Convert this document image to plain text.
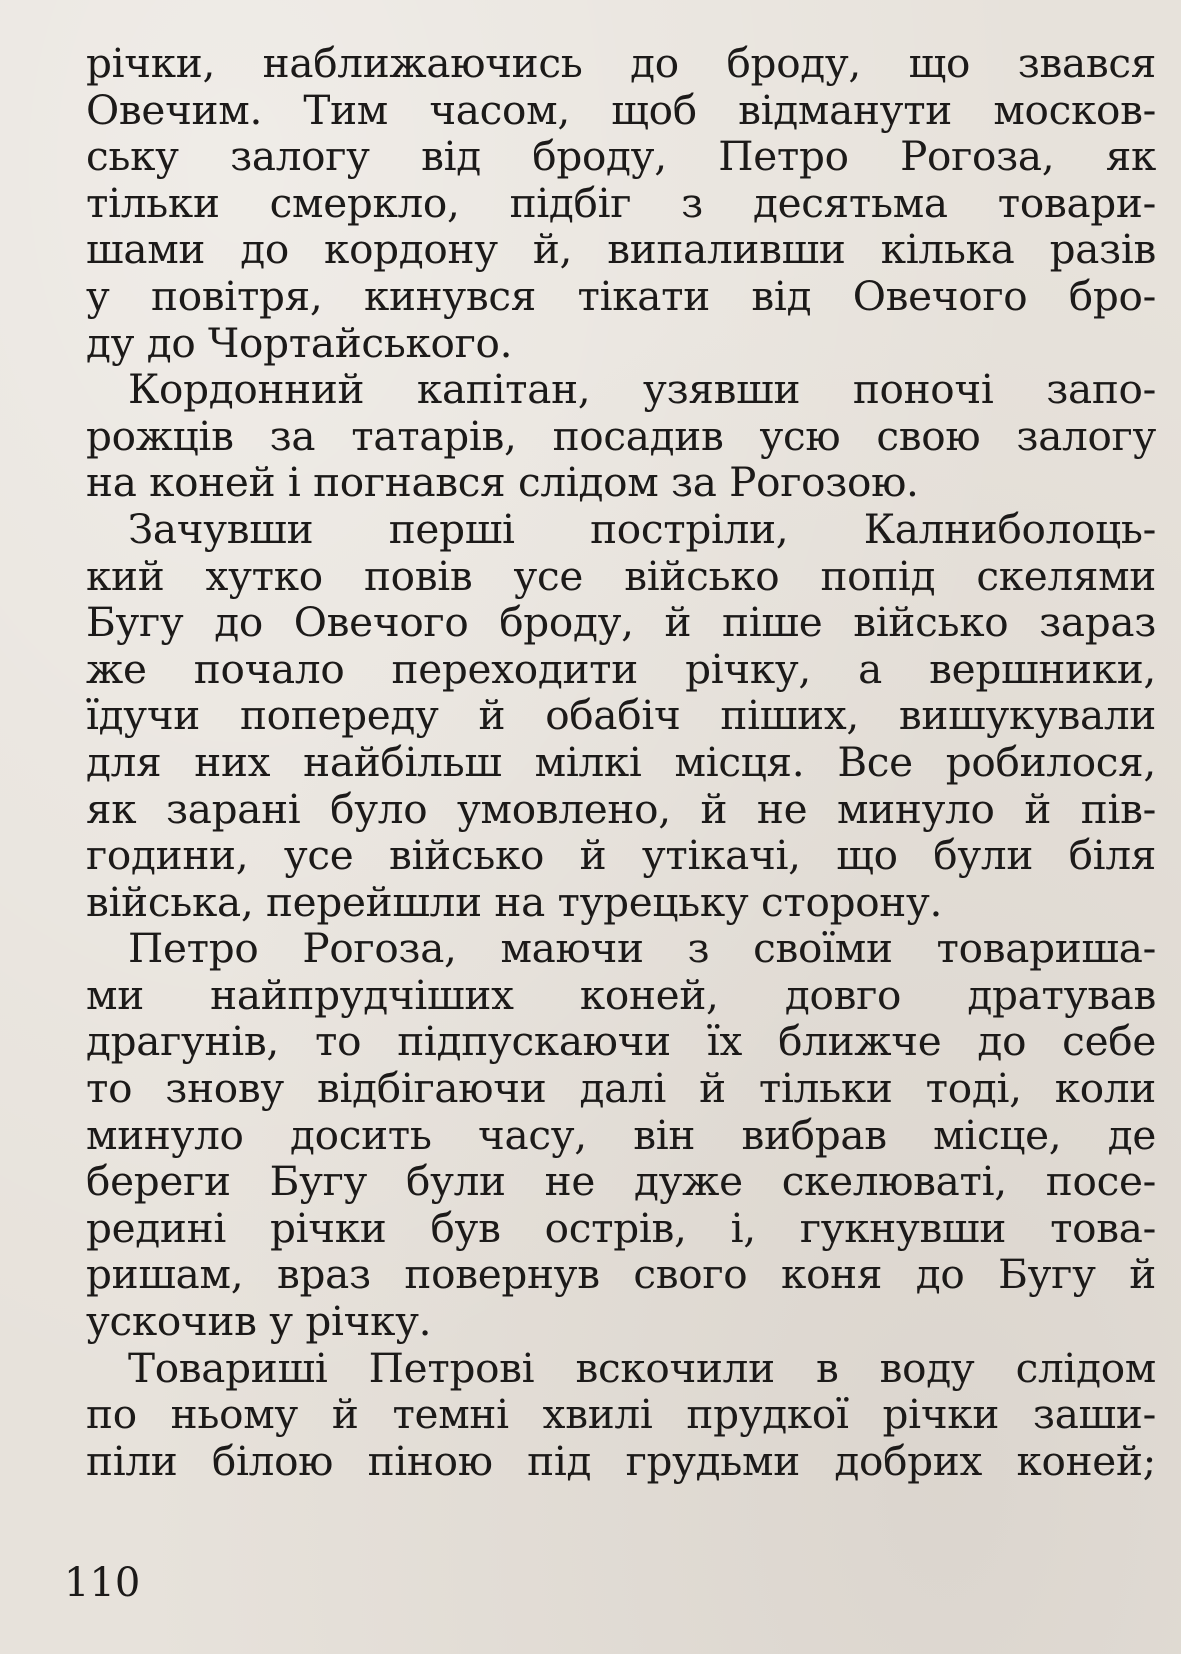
річки, наближаючись до броду, що звався
Овечим. Тим часом, щоб відманути москов-
ську залогу від броду, Петро Рогоза, як
тільки смеркло, підбіг з десятьма товари-
шами до кордону й, випаливши кілька разів
у повітря, кинувся тікати від Овечого бро-
ду до Чортайського.
Кордонний капітан, узявши поночі запо-
рожців за татарів, посадив усю свою залогу
на коней і погнався слідом за Рогозою.
Зачувши перші постріли, Калниболоць-
кий хутко повів усе військо попід скелями
Бугу до Овечого броду, й піше військо зараз
же почало переходити річку, а вершники,
їдучи попереду й обабіч піших, вишукували
для них найбільш мілкі місця. Все робилося,
як зарані було умовлено, й не минуло й пів-
години, усе військо й утікачі, що були біля
війська, перейшли на турецьку сторону.
Петро Рогоза, маючи з своїми товариша-
ми найпрудчіших коней, довго дратував
драгунів, то підпускаючи їх ближче до себе
то знову відбігаючи далі й тільки тоді, коли
минуло досить часу, він вибрав місце, де
береги Бугу були не дуже скелюваті, посе-
редині річки був острів, і, гукнувши това-
ришам, враз повернув свого коня до Бугу й
ускочив у річку.
Товариші Петрові вскочили в воду слідом
по ньому й темні хвилі прудкої річки заши-
піли білою піною під грудьми добрих коней;
110
